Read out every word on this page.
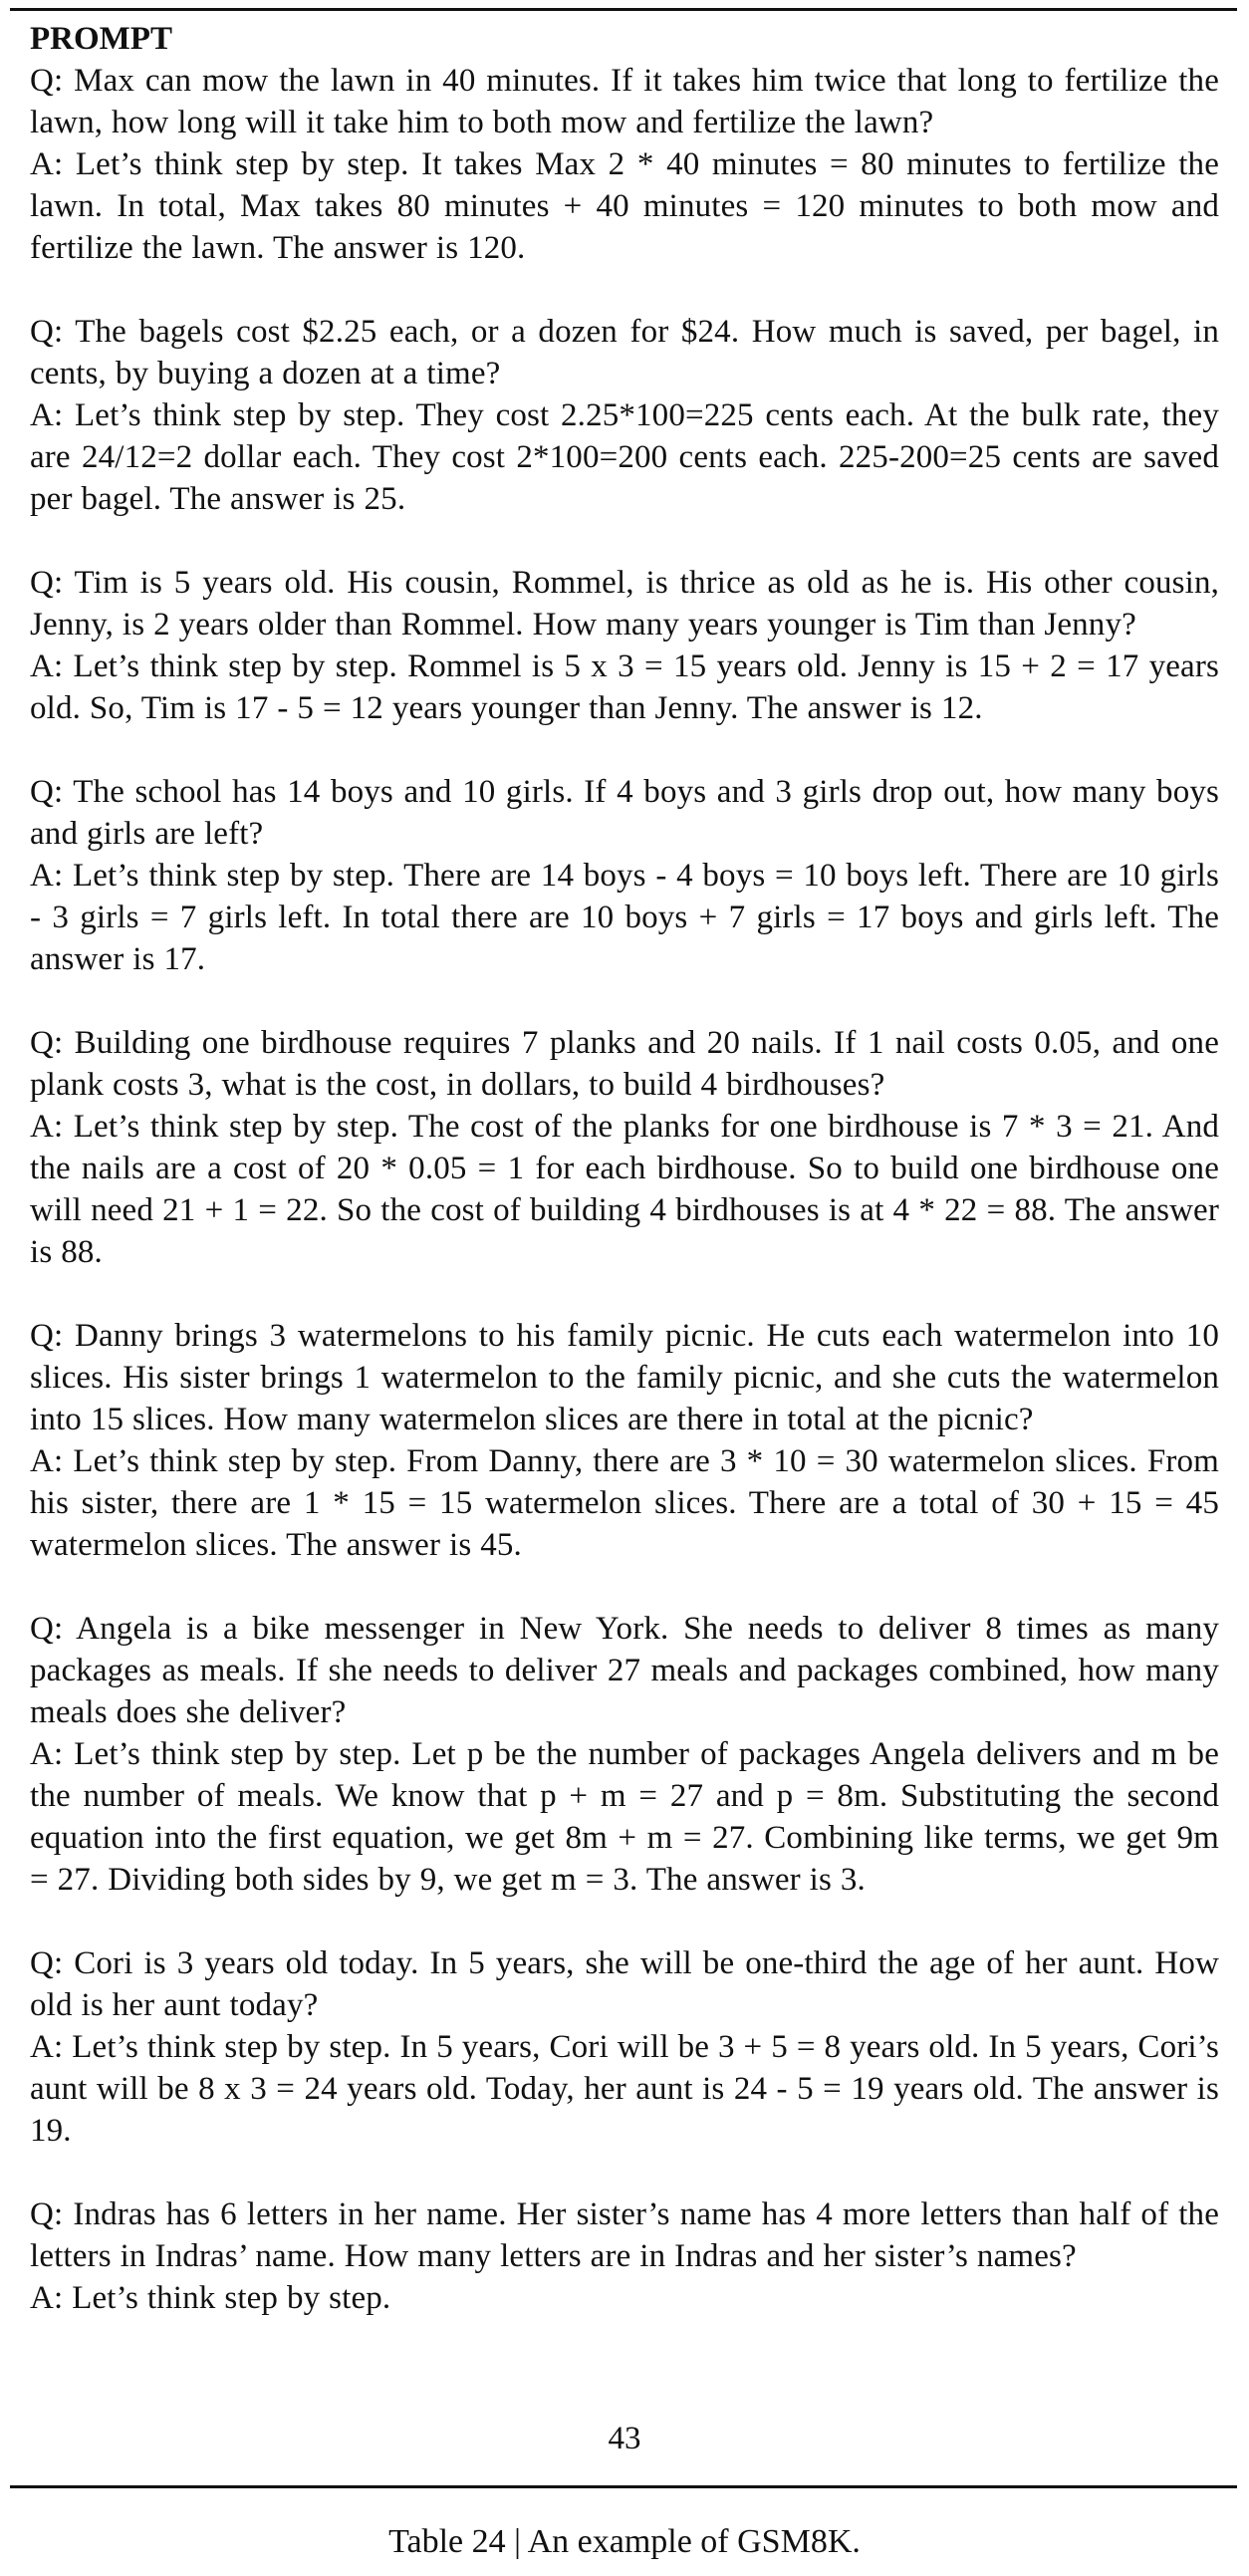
PROMPT

Q: Max can mow the lawn in 40 minutes. If it takes him twice that long to fertilize the lawn, how long will it take him to both mow and fertilize the lawn?

A: Let’s think step by step. It takes Max 2 * 40 minutes = 80 minutes to fertilize the lawn. In total, Max takes 80 minutes + 40 minutes = 120 minutes to both mow and fertilize the lawn. The answer is 120.

Q: The bagels cost $2.25 each, or a dozen for $24. How much is saved, per bagel, in cents, by buying a dozen at a time?

A: Let’s think step by step. They cost 2.25*100=225 cents each. At the bulk rate, they are 24/12=2 dollar each. They cost 2*100=200 cents each. 225-200=25 cents are saved per bagel. The answer is 25.

Q: Tim is 5 years old. His cousin, Rommel, is thrice as old as he is. His other cousin, Jenny, is 2 years older than Rommel. How many years younger is Tim than Jenny?

A: Let’s think step by step. Rommel is 5 x 3 = 15 years old. Jenny is 15 + 2 = 17 years old. So, Tim is 17 - 5 = 12 years younger than Jenny. The answer is 12.

Q: The school has 14 boys and 10 girls. If 4 boys and 3 girls drop out, how many boys and girls are left?

A: Let’s think step by step. There are 14 boys - 4 boys = 10 boys left. There are 10 girls - 3 girls = 7 girls left. In total there are 10 boys + 7 girls = 17 boys and girls left. The answer is 17.

Q: Building one birdhouse requires 7 planks and 20 nails. If 1 nail costs 0.05, and one plank costs 3, what is the cost, in dollars, to build 4 birdhouses?

A: Let’s think step by step. The cost of the planks for one birdhouse is 7 * 3 = 21. And the nails are a cost of 20 * 0.05 = 1 for each birdhouse. So to build one birdhouse one will need 21 + 1 = 22. So the cost of building 4 birdhouses is at 4 * 22 = 88. The answer is 88.

Q: Danny brings 3 watermelons to his family picnic. He cuts each watermelon into 10 slices. His sister brings 1 watermelon to the family picnic, and she cuts the watermelon into 15 slices. How many watermelon slices are there in total at the picnic?

A: Let’s think step by step. From Danny, there are 3 * 10 = 30 watermelon slices. From his sister, there are 1 * 15 = 15 watermelon slices. There are a total of 30 + 15 = 45 watermelon slices. The answer is 45.

Q: Angela is a bike messenger in New York. She needs to deliver 8 times as many packages as meals. If she needs to deliver 27 meals and packages combined, how many meals does she deliver?

A: Let’s think step by step. Let p be the number of packages Angela delivers and m be the number of meals. We know that p + m = 27 and p = 8m. Substituting the second equation into the first equation, we get 8m + m = 27. Combining like terms, we get 9m = 27. Dividing both sides by 9, we get m = 3. The answer is 3.

Q: Cori is 3 years old today. In 5 years, she will be one-third the age of her aunt. How old is her aunt today?

A: Let’s think step by step. In 5 years, Cori will be 3 + 5 = 8 years old. In 5 years, Cori’s aunt will be 8 x 3 = 24 years old. Today, her aunt is 24 - 5 = 19 years old. The answer is 19.

Q: Indras has 6 letters in her name. Her sister’s name has 4 more letters than half of the letters in Indras’ name. How many letters are in Indras and her sister’s names?

A: Let’s think step by step.

43
Table 24 | An example of GSM8K.
